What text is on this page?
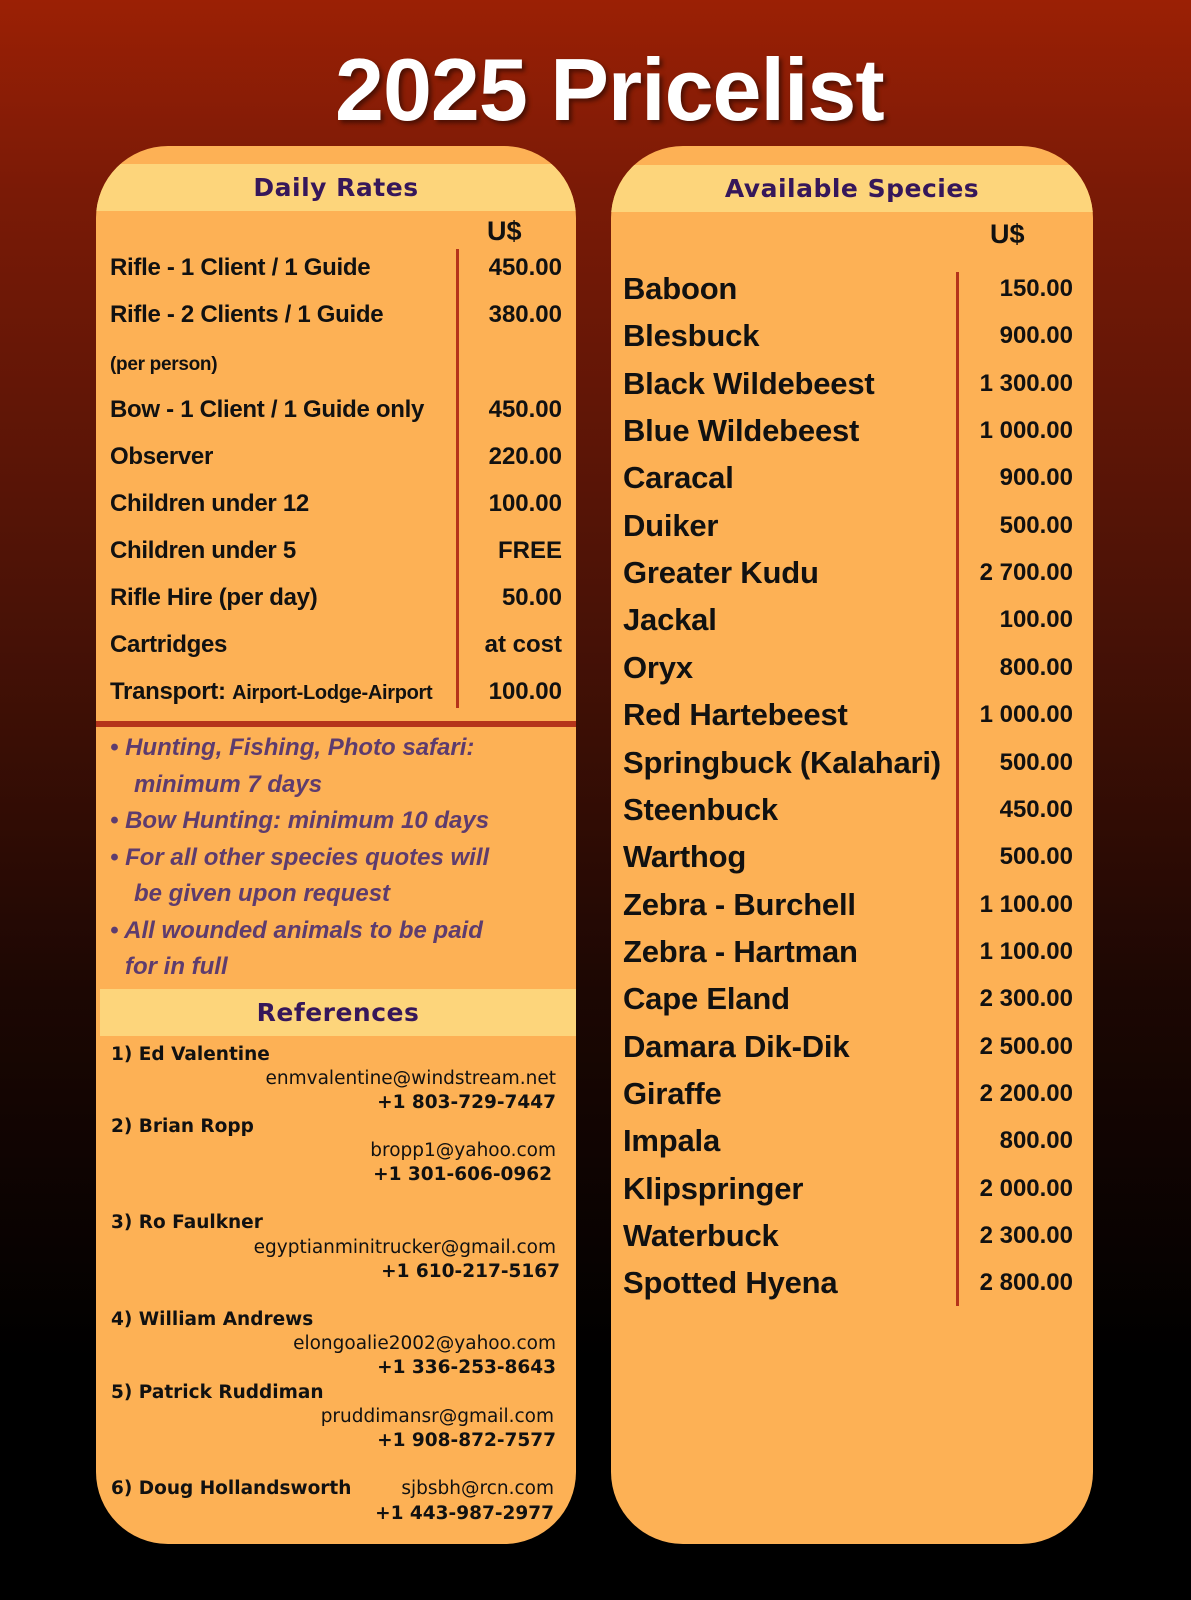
2025 Pricelist
Daily Rates
U$
Rifle - 1 Client / 1 Guide	450.00
Rifle - 2 Clients / 1 Guide	380.00
(per person)
Bow - 1 Client / 1 Guide only	450.00
Observer	220.00
Children under 12	100.00
Children under 5	FREE
Rifle Hire (per day)	50.00
Cartridges	at cost
Transport: Airport-Lodge-Airport 100.00
• Hunting, Fishing, Photo safari:
minimum 7 days
• Bow Hunting: minimum 10 days
• For all other species quotes will
be given upon request
• All wounded animals to be paid
for in full
References
1) Ed Valentine
enmvalentine@windstream.net
+1 803-729-7447
2) Brian Ropp
bropp1@yahoo.com
+1 301-606-0962
3) Ro Faulkner
egyptianminitrucker@gmail.com
+1 610-217-5167
4) William Andrews
elongoalie2002@yahoo.com
+1 336-253-8643
5) Patrick Ruddiman
pruddimansr@gmail.com
+1 908-872-7577
6) Doug Hollandsworth	sjbsbh@rcn.com
+1 443-987-2977
Available Species
U$
Baboon	150.00
Blesbuck	900.00
Black Wildebeest	1 300.00
Blue Wildebeest	1 000.00
Caracal	900.00
Duiker	500.00
Greater Kudu	2 700.00
Jackal	100.00
Oryx	800.00
Red Hartebeest	1 000.00
Springbuck (Kalahari) 500.00
Steenbuck	450.00
Warthog	500.00
Zebra - Burchell	1 100.00
Zebra - Hartman	1 100.00
Cape Eland	2 300.00
Damara Dik-Dik	2 500.00
Giraffe	2 200.00
Impala	800.00
Klipspringer	2 000.00
Waterbuck	2 300.00
Spotted Hyena	2 800.00
